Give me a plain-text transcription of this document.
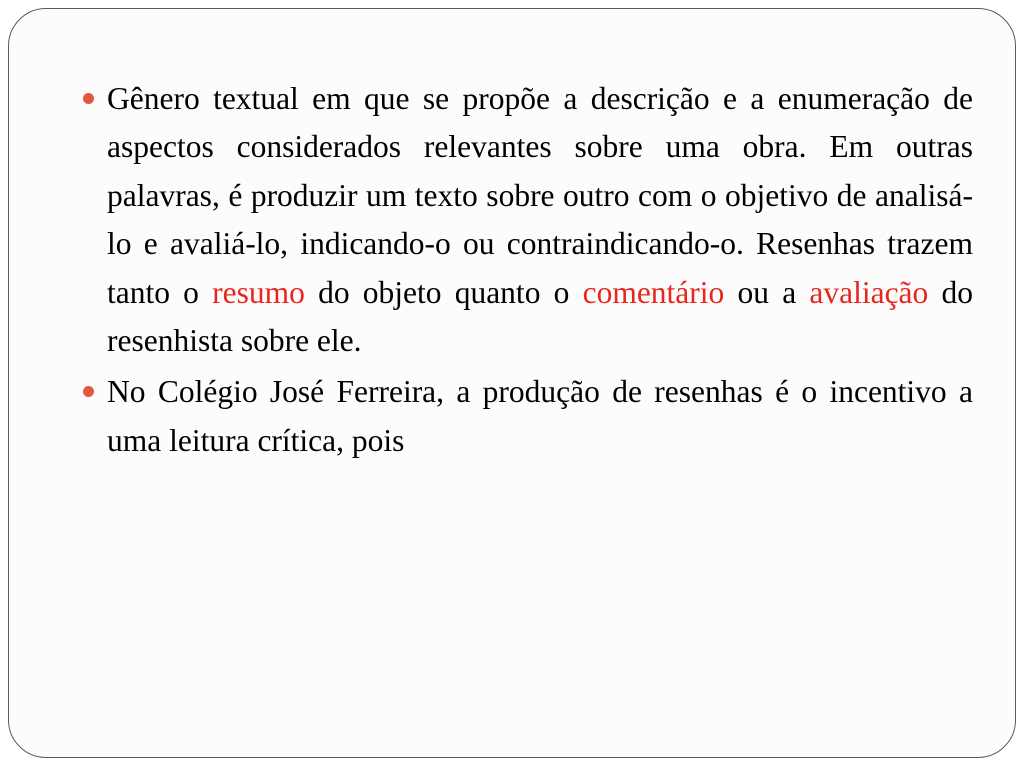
Gênero textual em que se propõe a descrição e a enumeração de aspectos considerados relevantes sobre uma obra. Em outras palavras, é produzir um texto sobre outro com o objetivo de analisá-lo e avaliá-lo, indicando-o ou contraindicando-o. Resenhas trazem tanto o resumo do objeto quanto o comentário ou a avaliação do resenhista sobre ele.
No Colégio José Ferreira, a produção de resenhas é o incentivo a uma leitura crítica, pois
